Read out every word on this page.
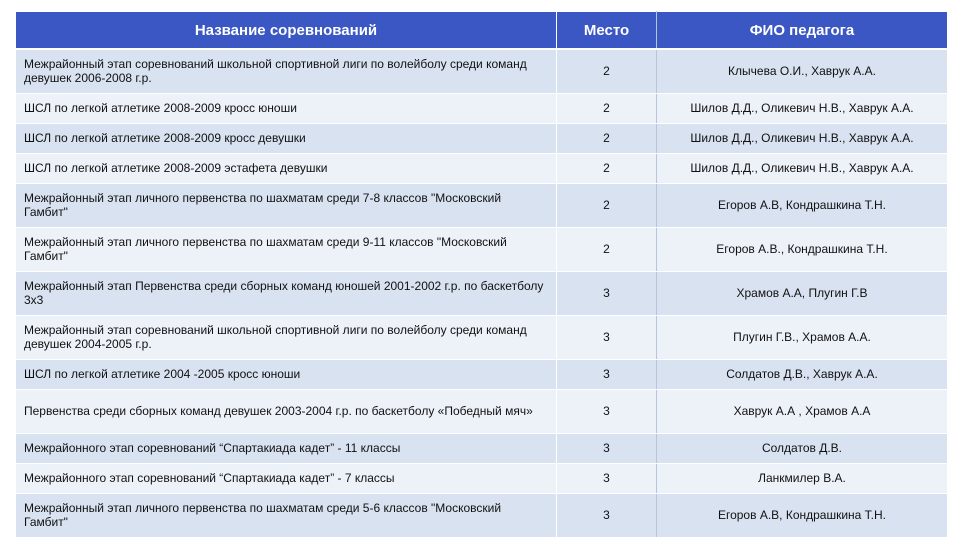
Название соревнований	Место	ФИО педагога
Межрайонный этап соревнований школьной спортивной лиги по волейболу среди команд девушек 2006-2008 г.р.	2	Клычева О.И., Хаврук А.А.
ШСЛ по легкой атлетике 2008-2009 кросс юноши	2	Шилов Д.Д., Оликевич Н.В., Хаврук А.А.
ШСЛ по легкой атлетике 2008-2009 кросс девушки	2	Шилов Д.Д., Оликевич Н.В., Хаврук А.А.
ШСЛ по легкой атлетике 2008-2009 эстафета девушки	2	Шилов Д.Д., Оликевич Н.В., Хаврук А.А.
Межрайонный этап личного первенства по шахматам среди 7-8 классов "Московский Гамбит"	2	Егоров А.В, Кондрашкина Т.Н.
Межрайонный этап личного первенства по шахматам среди 9-11 классов "Московский Гамбит"	2	Егоров А.В., Кондрашкина Т.Н.
Межрайонный этап Первенства среди сборных команд юношей 2001-2002 г.р. по баскетболу 3х3	3	Храмов А.А, Плугин Г.В
Межрайонный этап соревнований школьной спортивной лиги по волейболу среди команд девушек 2004-2005 г.р.	3	Плугин Г.В., Храмов А.А.
ШСЛ по легкой атлетике 2004 -2005 кросс юноши	3	Солдатов Д.В., Хаврук А.А.
Первенства среди сборных команд девушек 2003-2004 г.р. по баскетболу «Победный мяч»	3	Хаврук А.А , Храмов А.А
Межрайонного этап соревнований “Спартакиада кадет” - 11 классы	3	Солдатов Д.В.
Межрайонного этап соревнований “Спартакиада кадет” - 7 классы	3	Ланкмилер В.А.
Межрайонный этап личного первенства по шахматам среди 5-6 классов "Московский Гамбит"	3	Егоров А.В, Кондрашкина Т.Н.
